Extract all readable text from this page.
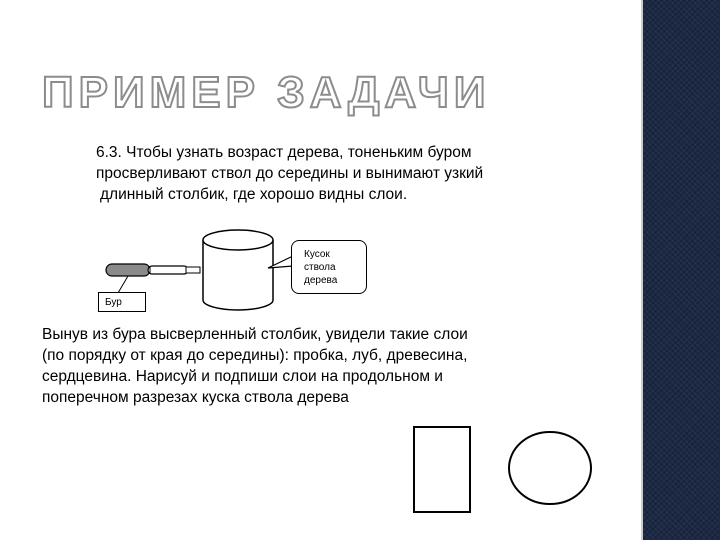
ПРИМЕР ЗАДАЧИ

6.3. Чтобы узнать возраст дерева, тоненьким буром
просверливают ствол до середины и вынимают узкий
длинный столбик, где хорошо видны слои.

Кусок
ствола
дерева
Бур

Вынув из бура высверленный столбик, увидели такие слои
(по порядку от края до середины): пробка, луб, древесина,
сердцевина. Нарисуй и подпиши слои на продольном и
поперечном разрезах куска ствола дерева
